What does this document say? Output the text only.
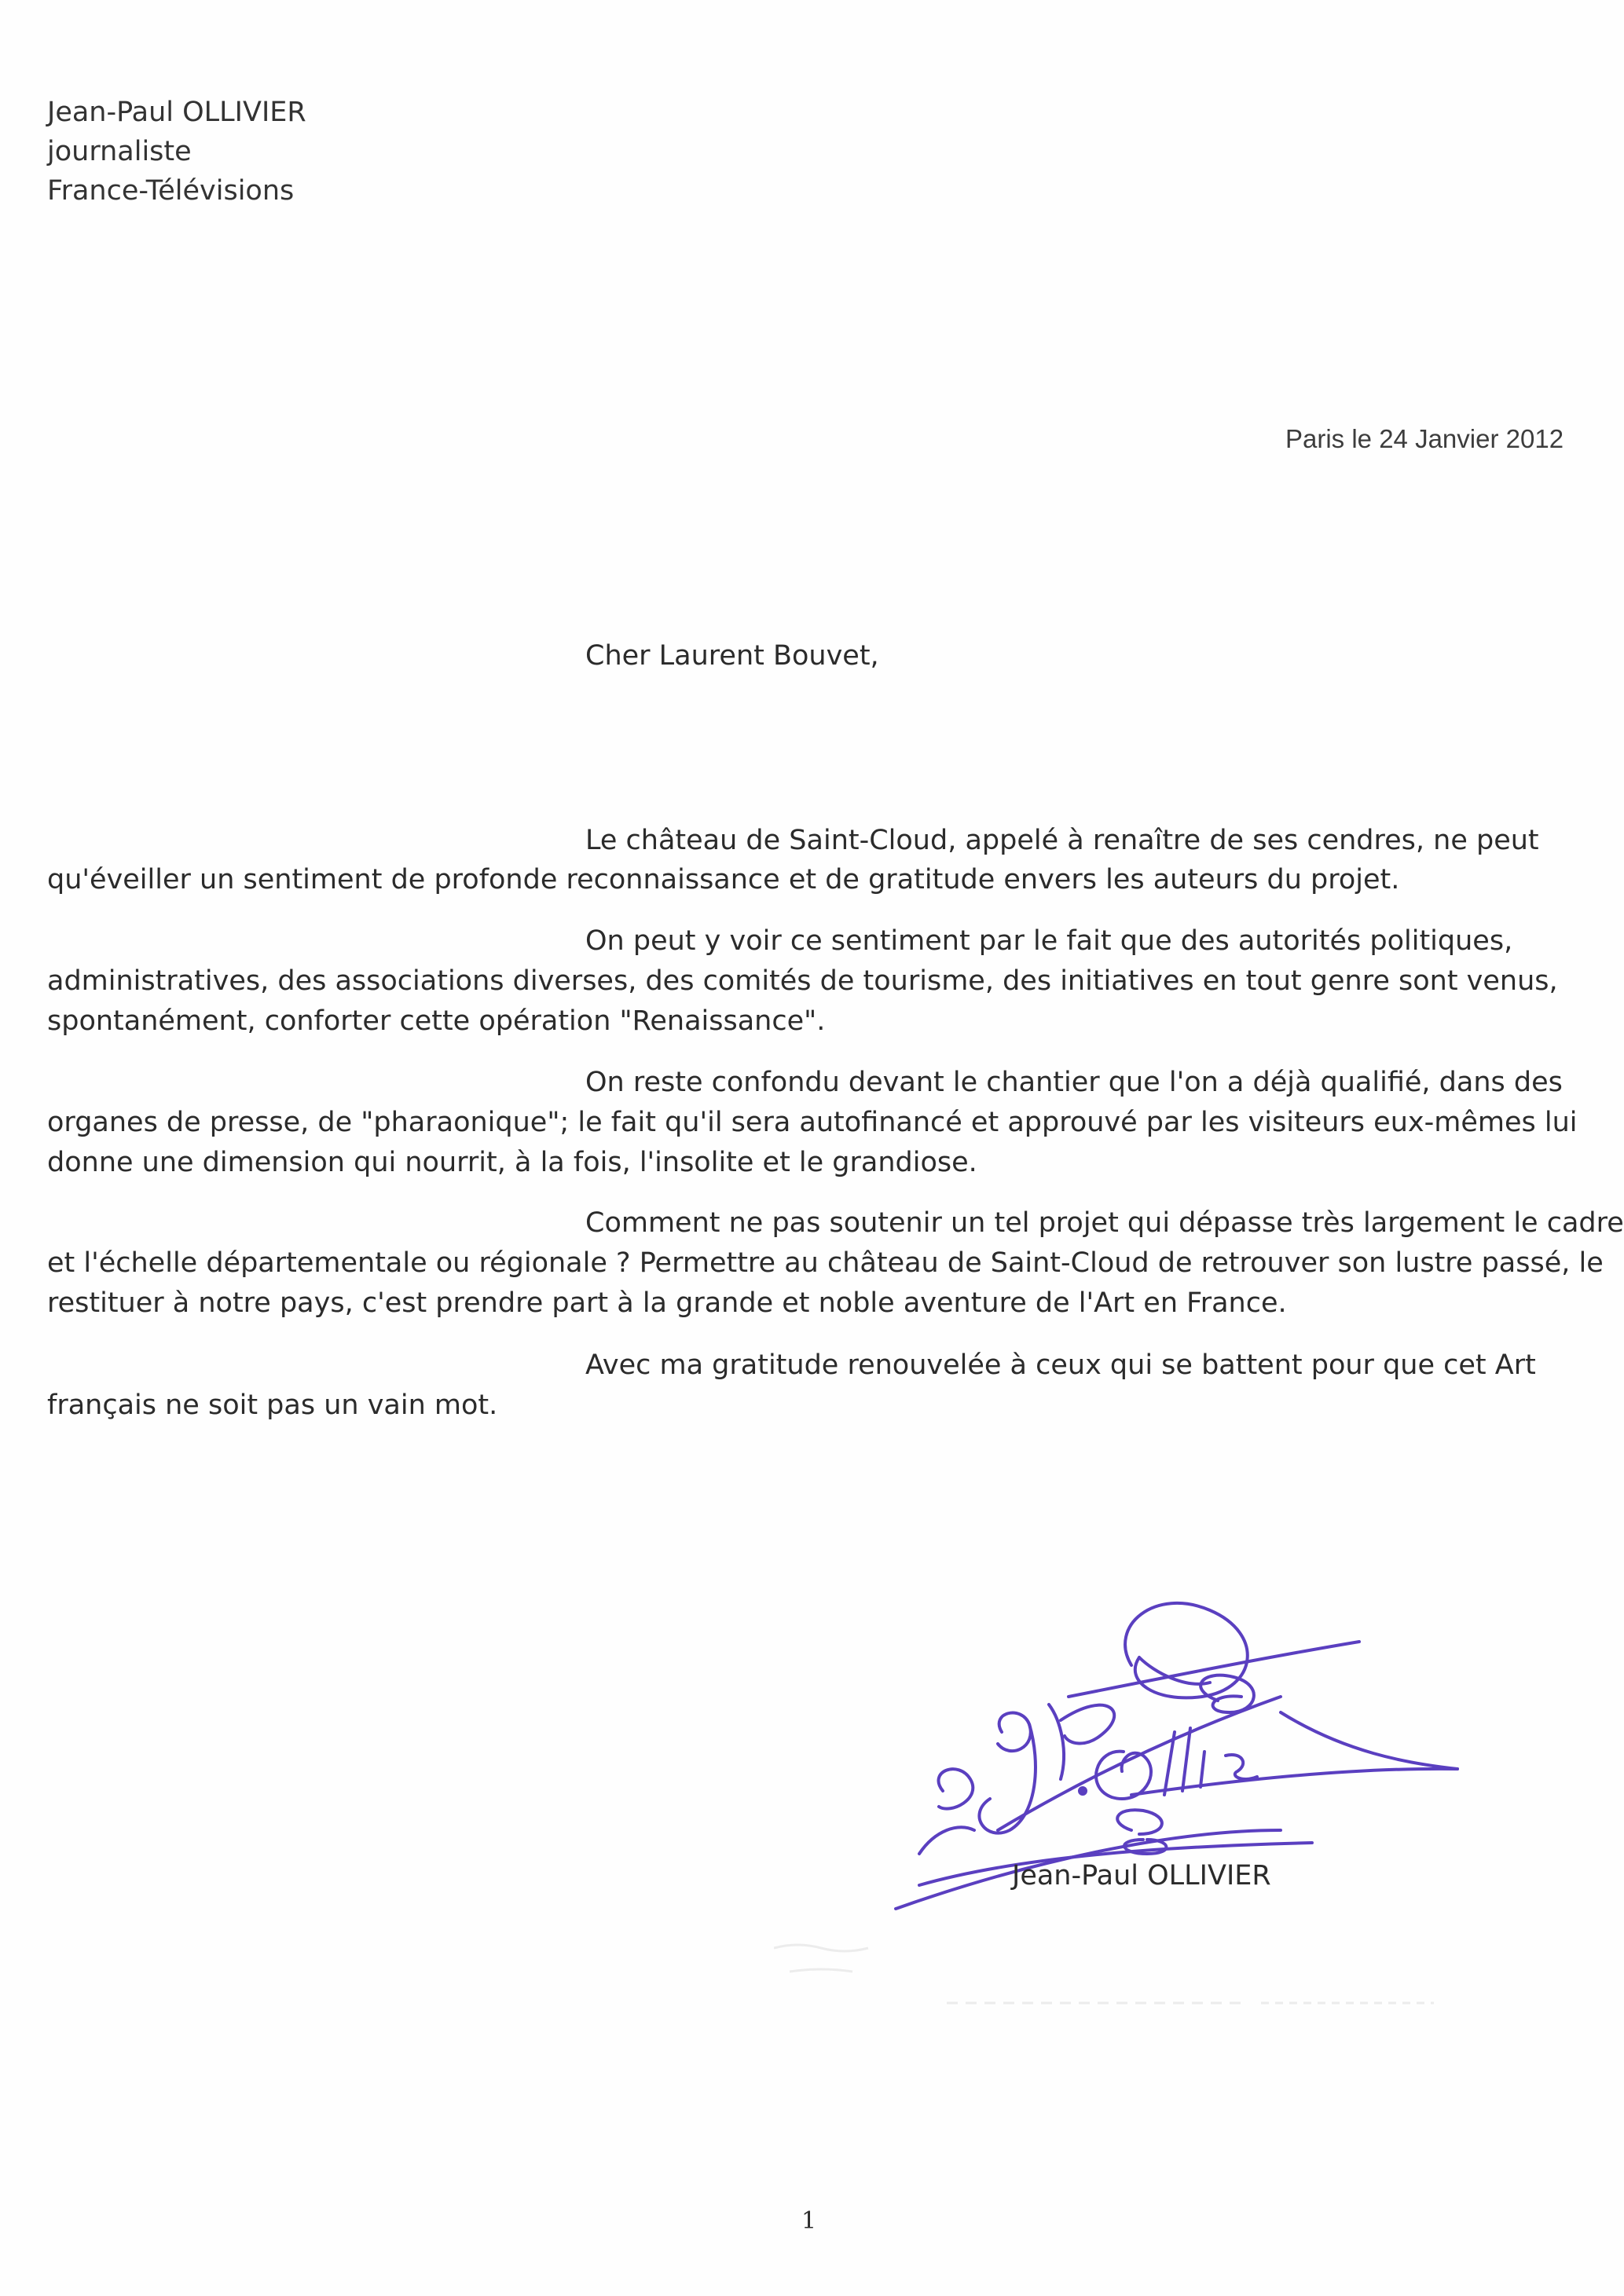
Jean-Paul OLLIVIER
journaliste
France-Télévisions
Paris le 24 Janvier 2012
Cher Laurent Bouvet,
Le château de Saint-Cloud, appelé à renaître de ses cendres, ne peut
qu'éveiller un sentiment de profonde reconnaissance et de gratitude envers les auteurs du projet.
On peut y voir ce sentiment par le fait que des autorités politiques,
administratives, des associations diverses, des comités de tourisme, des initiatives en tout genre sont venus,
spontanément, conforter cette opération "Renaissance".
On reste confondu devant le chantier que l'on a déjà qualifié, dans des
organes de presse, de "pharaonique"; le fait qu'il sera autofinancé et approuvé par les visiteurs eux-mêmes lui
donne une dimension qui nourrit, à la fois, l'insolite et le grandiose.
Comment ne pas soutenir un tel projet qui dépasse très largement le cadre
et l'échelle départementale ou régionale ? Permettre au château de Saint-Cloud de retrouver son lustre passé, le
restituer à notre pays, c'est prendre part à la grande et noble aventure de l'Art en France.
Avec ma gratitude renouvelée à ceux qui se battent pour que cet Art
français ne soit pas un vain mot.
Jean-Paul OLLIVIER
1
